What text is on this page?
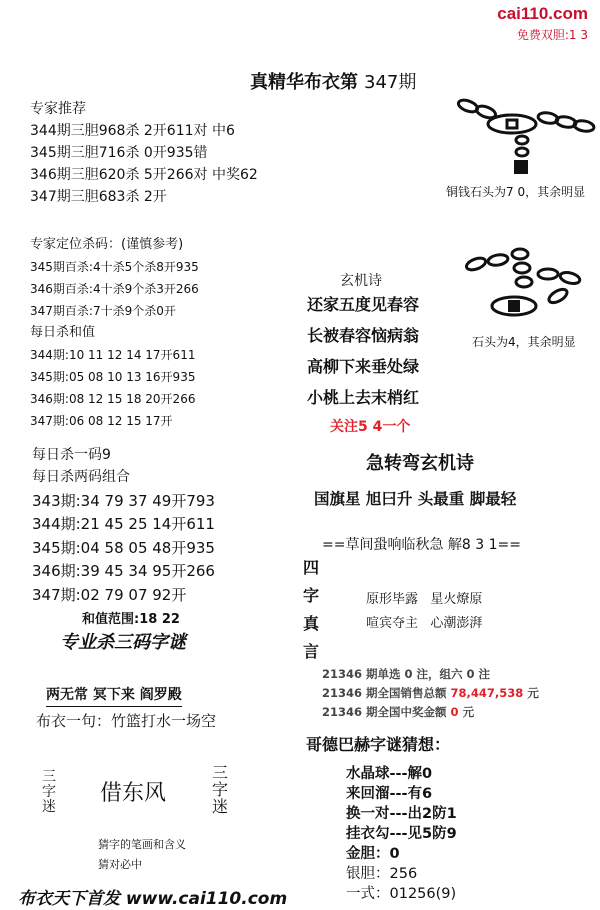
cai110.com
免费双胆:1 3
真精华布衣第 347期
专家推荐
344期三胆968杀 2开611对 中6
345期三胆716杀 0开935错
346期三胆620杀 5开266对 中奖62
347期三胆683杀 2开
专家定位杀码：(谨慎参考)
345期百杀:4十杀5个杀8开935
346期百杀:4十杀9个杀3开266
347期百杀:7十杀9个杀0开
每日杀和值
344期:10 11 12 14 17开611
345期:05 08 10 13 16开935
346期:08 12 15 18 20开266
347期:06 08 12 15 17开
每日杀一码9
每日杀两码组合
343期:34 79 37 49开793
344期:21 45 25 14开611
345期:04 58 05 48开935
346期:39 45 34 95开266
347期:02 79 07 92开
和值范围:18 22
专业杀三码字谜
两无常 冥下来 阎罗殿
布衣一句：竹篮打水一场空
三
字
迷
借东风
三
字
迷
猜字的笔画和含义
猜对必中
布衣天下首发 www.cai110.com
铜钱石头为7 0，其余明显
石头为4，其余明显
玄机诗
还家五度见春容
长被春容恼病翁
高柳下来垂处绿
小桃上去末梢红
关注5 4一个
急转弯玄机诗
国旗星 旭曰升 头最重 脚最轻
==草间蛩响临秋急 解8 3 1==
四
字
真
言
原形毕露 星火燎原
喧宾夺主 心潮澎湃
21346 期单选 0 注，组六 0 注
21346 期全国销售总额 78,447,538 元
21346 期全国中奖金额 0 元
哥德巴赫字谜猜想：
水晶球---解0
来回溜---有6
换一对---出2防1
挂衣勾---见5防9
金胆：0
银胆：256
一式：01256(9)
